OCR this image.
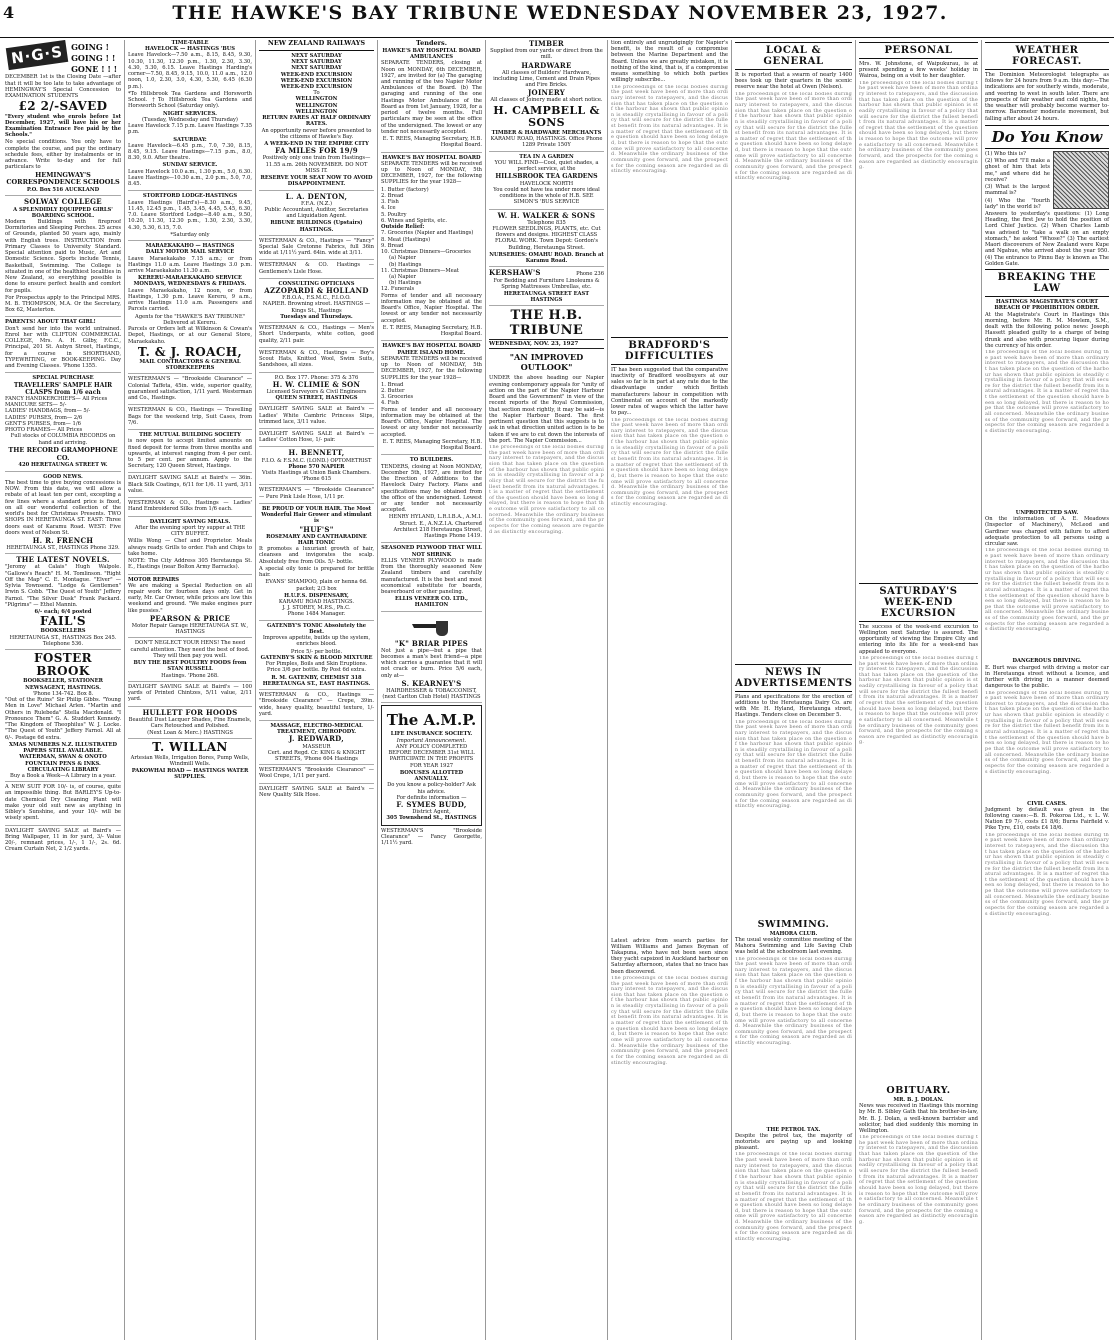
4	THE HAWKE'S BAY TRIBUNE WEDNESDAY NOVEMBER 23, 1927.
N·G·S GOING !
GOING ! !
GONE ! ! !
DECEMBER 1st is the Closing Date —after that it will be too late to take advantage of HEMINGWAY'S Special Concession to EXAMINATION STUDENTS
£2 2/-SAVED
"Every student who enrols before 1st December, 1927, will have his or her Examination Entrance Fee paid by the Schools."
No special conditions. You only have to complete the course, and pay the ordinary schedule fees, either by instalments or in advance. Write to-day and for full particulars to
HEMINGWAY'S CORRESPONDENCE SCHOOLS
P.O. Box 516 AUCKLAND
SOLWAY COLLEGE
A SPLENDIDLY EQUIPPED GIRLS' BOARDING SCHOOL.
Modern Buildings with fireproof Dormitories and Sleeping Porches. 25 acres of Grounds, planted 50 years ago, mainly with English trees. INSTRUCTION from Primary Classes to University Standard. Special attention paid to Music, Art and Domestic Science. Sports include Tennis, Basketball, Swimming. The College is situated in one of the healthiest localities in New Zealand, so everything possible is done to ensure perfect health and comfort for pupils.
For Prospectus apply to the Principal MRS. M. B. THOMPSON, M.A. Or the Secretary, Box 62, Masterton.
PARENTS! ABOUT THAT GIRL!
Don't send her into the world untrained. Enrol her with CLIFTON COMMERCIAL COLLEGE, Mrs. A. H. Gilby, F.C.C., Principal, 201 St. Aubyn Street, Hastings, for a course in SHORTHAND, TYPEWRITING, or BOOK-KEEPING. Day and Evening Classes. 'Phone 1355.
SPECIAL PURCHASE
TRAVELLERS' SAMPLE HAIR CLASPS from 1/6 each
FANCY HANDKERCHIEFS— All Prices
MANICURE SETS— 5/-
LADIES' HANDBAGS, from— 5/-
LADIES' PURSES, from— 2/6
GENT'S PURSES, from— 1/6
PHOTO FRAMES— All Prices
Full stocks of COLUMBIA RECORDS on hand and arriving.
THE RECORD GRAMOPHONE CO.
420 HERETAUNGA STREET W.
GOOD NEWS.
The best time to give buying concessions is NOW. From this date, we will allow a rebate of at least ten per cent, excepting a few lines where a standard price is fixed, on all our wonderful collection of the world's best for Christmas Presents. TWO SHOPS IN HERETAUNGA ST. EAST: Three doors east of Karamu Road. WEST: Five doors west of Nelson St.
H. R. FRENCH
HERETAUNGA ST., HASTINGS Phone 329.
THE LATEST NOVELS.
"Jeromy at Calais" Hugh Walpole. "Gallows's Reach" H. M. Tomlinson. "Right Off the Map" C. E. Montague. "Elver" — Sylvia Townsend. "Lodge & Gentlemen" Irwin S. Cobb. "The Quest of Youth" Jeffery Farnol. "The Silver Dusk" Frank Packard. "Pilgrims" — Ethel Mannin.
6/- each; 6/4 posted
FAIL'S
BOOKSELLERS
HERETAUNGA ST., HASTINGS Box 245. Telephone 536.
FOSTER BROOK
BOOKSELLER, STATIONER NEWSAGENT, HASTINGS.
'Phone 134-742. Box 8.
"Out of the Ruins" Sir Philip Gibbs. "Young Men in Love" Michael Arlen. "Martin and Others in Rulebeda" Stella Macdonald. "I Pronounce Them" G. A. Studdert Kennedy. "The Kingdom of Theophilus" W. J. Locke. "The Quest of Youth" Jeffery Farnol. All at 6/-. Postage 6d extra.
XMAS NUMBERS N.Z. ILLUSTRATED PAPERS STILL AVAILABLE.
WATERMAN, SWAN & ONOTO FOUNTAIN PENS & INKS.
CIRCULATING LIBRARY
Buy a Book a Week—A Library in a year.
A NEW SUIT FOR 10/- is, of course, quite an impossible thing. But BARLEY'S Up-to-date Chemical Dry Cleaning Plant will make your old suit new as anything in Sibley's Sunshine, and your 10/- will be wisely spent.
DAYLIGHT SAVING SALE at Baird's — Bring Wallpaper, 11 in for yard, 3/- Value 20/-, remnant prices, 1/-, 1 1/-, 2s. 6d. Cream Curtain Net, 2 1/2 yards.
TIME-TABLE
HAVELOCK — HASTINGS 'BUS
Leave Havelock—7.50 a.m., 8.15, 8.45, 9.30, 10.30, 11.30, 12.30 p.m., 1.30, 2.30, 3.30, 4.30, 5.30, 6.15. Leave Hastings Harding's corner—7.50, 8.45, 9.15, 10.0, 11.0 a.m., 12.0 noon, 1.0, 2.30, 3.0, 4.30, 5.30, 6.45 (6.30 p.m.).
*To Hillsbrook Tea Gardens and Horsworth School. †To Hillsbrook Tea Gardens and Horsworth School (Saturday only).
NIGHT SERVICES.
(Tuesday, Wednesday and Thursday)
Leave Havelock 7.15 p.m. Leave Hastings 7.35 p.m.
SATURDAY:
Leave Havelock—6.45 p.m., 7.0, 7.30, 8.15, 8.45, 9.15. Leave Hastings—7.15 p.m., 8.0, 8.30, 9.0. After theatre.
SUNDAY SERVICE.
Leave Havelock 10.0 a.m., 1.30 p.m., 5.0, 6.30. Leave Hastings—10.30 a.m., 2.0 p.m., 5.0, 7.0, 8.45.
STORTFORD LODGE-HASTINGS
Leave Hastings (Baird's)—8.30 a.m., 9.45, 11.45, 12.45 p.m., 1.45, 3.45, 4.45, 5.45, 6.30, 7.0. Leave Stortford Lodge—8.40 a.m., 9.50, 10.20, 11.30, 12.30 p.m., 1.30, 2.30, 3.30, 4.30, 5.30, 6.15, 7.0.
*Saturday only
MARAEKAKAHO — HASTINGS
DAILY MOTOR MAIL SERVICE
Leave Maraekakaho 7.15 a.m.; or from Hastings 11.0 a.m. Leave Hastings 3.0 p.m. arrive Maraekakaho 11.30 a.m.
KERERU-MARAEKAKAHO SERVICE
MONDAYS, WEDNESDAYS & FRIDAYS.
Leave Maraekakaho, 12 noon, or from Hastings, 1.30 p.m. Leave Kereru, 9 a.m., arrive Hastings 11.0 a.m. Passengers and Parcels carried.
Agents for the "HAWKE'S BAY TRIBUNE" Delivered at Kereru.
Parcels or Orders left at Wilkinson & Cowan's Depot, Hastings, or at our General Store, Maraekakaho.
T. & J. ROACH,
MAIL CONTRACTORS & GENERAL STOREKEEPERS
WESTERMAN'S — "Brookside Clearance" — Colonial Taffeta, 45in. wide, superior quality, guaranteed satisfaction, 1/11 yard. Westerman and Co., Hastings.
WESTERMAN & CO., Hastings — Travelling Bags for the weekend trip, Suit Cases, from 7/6.
THE MUTUAL BUILDING SOCIETY
is now open to accept limited amounts on fixed deposit for terms from three months and upwards, at interest ranging from 4 per cent. to 5 per cent. per annum. Apply to the Secretary, 120 Queen Street, Hastings.
DAYLIGHT SAVING SALE at Baird's — 36in. Black Silk Coatings, 6/11 for 1/6. 11 yard, 3/11 value.
WESTERMAN & CO., Hastings — Ladies' Hand Embroidered Silks from 1/6 each.
DAYLIGHT SAVING MEALS.
After the evening sport try supper at THE CITY BUFFET.
Willis Wong — Chef and Proprietor. Meals always ready. Grills to order. Fish and Chips to take home.
NOTE: The City Address 305 Heretaunga St. E., Hastings (near Bolton Army Barracks).
MOTOR REPAIRS
We are making a Special Reduction on all repair work for fourteen days only. Get in early, Mr. Car Owner, while prices are low this weekend and ground. "We make engines purr like pussies."
PEARSON & PRICE
Motor Repair Garage HERETAUNGA ST. W., HASTINGS
DON'T NEGLECT YOUR HENS! The need careful attention. They need the best of food. They will then pay you well.
BUY THE BEST POULTRY FOODS from STAN RUSSELL
Hastings. 'Phone 268.
DAYLIGHT SAVING SALE at Baird's — 100 yards of Printed Chintzes, 5/11 value, 2/11 yard.
HULLETT FOR HOODS
Beautiful Dust Lacquer Shades, Fine Enamels, Cars Retouched and Polished.
(Next Loan & Merc.) HASTINGS
T. WILLAN
Artesian Wells, Irrigation Bores, Pump Wells, Windmill Wells.
PAKOWHAI ROAD — HASTINGS WATER SUPPLIES.
NEW ZEALAND RAILWAYS
NEXT SATURDAY
NEXT SATURDAY
NEXT SATURDAY
WEEK-END EXCURSION
WEEK-END EXCURSION
WEEK-END EXCURSION
To
WELLINGTON
WELLINGTON
WELLINGTON
RETURN FARES AT HALF ORDINARY RATES.
An opportunity never before presented to the citizens of Hawke's Bay.
A WEEK-END IN THE EMPIRE CITY
FA MILES FOR 19/9
Positively only one train from Hastings—11.55 a.m. 26th NOVEMBER. DO NOT MISS IT.
RESERVE YOUR SEAT NOW TO AVOID DISAPPOINTMENT.
L. A. DENTON,
F.F.A. (N.Z.)
Public Accountant, Auditor, Secretaries and Liquidation Agent.
RIBUNE BUILDINGS (Upstairs) HASTINGS.
WESTERMAN & CO., Hastings — "Fancy" Special Sale Cretonne Fabrics, full 36in wide at 1/11½ yard. 64in. wide at 3/11.
WESTERMAN & CO. Hastings — Gentlemen's Lisle Hose.
CONSULTING OPTICIANS
AZZOPARDI & HOLLAND
F.B.O.A., F.S.M.C., F.I.O.O.
NAPIER. Browning street. HASTINGS — Kings St., Hastings
Tuesdays and Thursdays.
WESTERMAN & CO., Hastings — Men's Short Underpants, white cotton, good quality, 2/11 pair.
WESTERMAN & CO., Hastings — Boy's Scout Hats, Knitted Wool, Swim Suits, Sandshoes, all sizes.
P.O. Box 177. Phone: 375 & 376
H. W. CLIMIE & SON
Licensed Surveyors & Civil Engineers
QUEEN STREET, HASTINGS
DAYLIGHT SAVING SALE at Baird's — Ladies' White Cambric Princess Slips, trimmed lace, 3/11 value.
DAYLIGHT SAVING SALE at Baird's — Ladies' Cotton Hose, 1/- pair.
H. BENNETT,
F.I.O. & F.S.M.C. (LOND.) OPTOMETRIST
Phone 570 NAPIER
Visits Hastings at Union Bank Chambers. 'Phone 615
WESTERMAN'S — "Brookside Clearance" — Pure Pink Lisle Hose, 1/11 pr.
BE PROUD OF YOUR HAIR. The Most Wonderful Hair Grower and stimulant is
"HUF'S"
ROSEMARY AND CANTHARADINE HAIR TONIC
It promotes a luxuriant growth of hair, cleanses and invigorates the scalp. Absolutely free from Oils. 5/- bottle.
A special oily tonic is prepared for brittle hair.
EVANS' SHAMPOO, plain or henna 6d. packet; 2/3 box
H.U.F.S. DISPENSARY,
KARAMU ROAD HASTINGS.
J. J. STOREY, M.P.S., Ph.C.
Phone 1484 Manager.
GATENBY'S TONIC Absolutely the Best.
Improves appetite, builds up the system, enriches blood.
Price 5/- per bottle.
GATENBY'S SKIN & BLOOD MIXTURE
For Pimples, Boils and Skin Eruptions. Price 3/6 per bottle. By Post 6d extra.
R. M. GATENBY, CHEMIST 318 HERETAUNGA ST., EAST HASTINGS.
WESTERMAN & CO., Hastings — "Brookside Clearance" — Crepe, 39in. wide, heavy quality, beautiful texture, 1/- yard.
MASSAGE, ELECTRO-MEDICAL TREATMENT, CHIROPODY.
J. REDWARD,
MASSEUR
Cert. and Regd. Cr. KING & KNIGHT STREETS, 'Phone 604 Hastings
WESTERMAN'S "Brookside Clearance" — Wool Crepe, 1/11 per yard.
DAYLIGHT SAVING SALE at Baird's — New Quality Silk Hose.
Tenders.
HAWKE'S BAY HOSPITAL BOARD AMBULANCES
SEPARATE TENDERS, closing at Noon on MONDAY, 6th DECEMBER, 1927, are invited for (a) The garaging and running of the two Napier Motor Ambulances of the Board. (b) The garaging and running of the one Hastings Motor Ambulance of the Board as from 1st January, 1928, for a period of twelve months. Full particulars may be seen at the office of the undersigned. The lowest or any tender not necessarily accepted.
E. T. REES, Managing Secretary, H.B. Hospital Board.
HAWKE'S BAY HOSPITAL BOARD
SEPARATE TENDERS will be received up to Noon of MONDAY, 5th DECEMBER, 1927, for the following SUPPLIES for the year 1928—
1. Butter (factory)
2. Bread
3. Fish
4. Ice
5. Poultry
6. Wines and Spirits, etc.
Outside Relief:
7. Groceries (Napier and Hastings)
8. Meat (Hastings)
9. Bread
10. Christmas Dinners—Groceries
(a) Napier
(b) Hastings
11. Christmas Dinners—Meat
(a) Napier
(b) Hastings
12. Funerals
Forms of tender and all necessary information may be obtained at the Board's Office, Napier Hospital. The lowest or any tender not necessarily accepted.
E. T. REES, Managing Secretary, H.B. Hospital Board.
HAWKE'S BAY HOSPITAL BOARD PAHEE ISLAND HOME.
SEPARATE TENDERS will be received up to Noon of MONDAY, 5th DECEMBER, 1927, for the following SUPPLIES for the year 1928—
1. Bread
2. Butter
3. Groceries
4. Fish
Forms of tender and all necessary information may be obtained at the Board's Office, Napier Hospital. The lowest or any tender not necessarily accepted.
E. T. REES, Managing Secretary, H.B. Hospital Board.
TO BUILDERS.
TENDERS, closing at Noon MONDAY, December 5th, 1927, are invited for the Erection of Additions to the Havelock Dairy Factory. Plans and specifications may be obtained from the office of the undersigned. Lowest or any tender not necessarily accepted.
HENRY HYLAND, L.R.I.B.A., A.M.I. Struct. E., A.N.Z.I.A. Chartered Architect 218 Heretaunga Street, Hastings Phone 1419.
SEASONED PLYWOOD THAT WILL NOT SHRINK
ELLIS VENEER PLYWOOD is made from the thoroughly seasoned New Zealand timbers and carefully manufactured. It is the best and most economical substitute for boards, beaverboard or other paneling.
ELLIS VENEER CO. LTD., HAMILTON
"K" BRIAR PIPES
Not just a pipe—but a pipe that becomes a man's best friend—a pipe which carries a guarantee that it will not crack or burn. Price 5/6 each, only at—
S. KEARNEY'S
HAIRDRESSER & TOBACCONIST, (next Carlton Club Hotel) HASTINGS
The A.M.P.
LIFE INSURANCE SOCIETY.
Important Announcement.
ANY POLICY COMPLETED BEFORE DECEMBER 31st WILL PARTICIPATE IN THE PROFITS FOR YEAR 1927
BONUSES ALLOTTED ANNUALLY.
Do you know a policy-holder? Ask his advice.
For definite information —
F. SYMES BUDD,
District Agent,
305 Townshend St., HASTINGS
WESTERMAN'S "Brookside Clearance" — Fancy Georgette, 1/11½ yard.
TIMBER
Supplied from our yards or direct from the mill.
HARDWARE
All classes of Builders' Hardware, including Lime, Cement and Drain Pipes and Fire Bricks.
JOINERY
All classes of Joinery made at short notice.
H. CAMPBELL & SONS
TIMBER & HARDWARE MERCHANTS
KARAMU ROAD, HASTINGS. Office Phone 1289 Private 150Y
TEA IN A GARDEN
YOU WILL FIND—Cool, quiet shades, a perfect service, at the
HILLSBROOK TEA GARDENS
HAVELOCK NORTH
You could not have tea under more ideal conditions in the whole of H.B. SEE SIMON'S 'BUS SERVICE
W. H. WALKER & SONS
Telephone 835
FLOWER SEEDLINGS, PLANTS, etc. Cut flowers and designs. HIGHEST CLASS FLORAL WORK. Town Depot: Gordon's Building, Heretaunga Street.
NURSERIES: OMAHU ROAD. Branch at Karamu Road.
KERSHAW'S	Phone 236
For Bedding and Furniture Linoleums & Spring Mattresses Umbrellas, etc.
HERETAUNGA STREET EAST HASTINGS
THE H.B. TRIBUNE
WEDNESDAY, NOV. 23, 1927
"AN IMPROVED OUTLOOK"
UNDER the above heading our Napier evening contemporary appeals for "unity of action on the part of the Napier Harbour Board and the Government" in view of the recent reports of the Royal Commission, that section most rightly, it may be said—is the Napier Harbour Board. The first pertinent question that this suggests is to ask in what direction united action is to be taken if we are to cut down the interests of the port. The Napier Commission...
The proceedings of the local bodies during the past week have been of more than ordinary interest to ratepayers, and the discussion that has taken place on the question of the harbour has shown that public opinion is steadily crystallising in favour of a policy that will secure for the district the fullest benefit from its natural advantages. It is a matter of regret that the settlement of the question should have been so long delayed, but there is reason to hope that the outcome will prove satisfactory to all concerned. Meanwhile the ordinary business of the community goes forward, and the prospects for the coming season are regarded as distinctly encouraging.
tion entirely and ungrudgingly for Napier's benefit, is the result of a compromise between the Marine Department and the Board. Unless we are greatly mistaken, it is nothing of the kind, that is, if a compromise means something to which both parties willingly subscribe...
The proceedings of the local bodies during the past week have been of more than ordinary interest to ratepayers, and the discussion that has taken place on the question of the harbour has shown that public opinion is steadily crystallising in favour of a policy that will secure for the district the fullest benefit from its natural advantages. It is a matter of regret that the settlement of the question should have been so long delayed, but there is reason to hope that the outcome will prove satisfactory to all concerned. Meanwhile the ordinary business of the community goes forward, and the prospects for the coming season are regarded as distinctly encouraging.
BRADFORD'S DIFFICULTIES
IT has been suggested that the comparative inactivity of Bradford woolbuyers at our sales so far is in part at any rate due to the disadvantage under which British manufacturers labour in competition with Continental on account of the markedly lower rates of wages which the latter have to pay...
The proceedings of the local bodies during the past week have been of more than ordinary interest to ratepayers, and the discussion that has taken place on the question of the harbour has shown that public opinion is steadily crystallising in favour of a policy that will secure for the district the fullest benefit from its natural advantages. It is a matter of regret that the settlement of the question should have been so long delayed, but there is reason to hope that the outcome will prove satisfactory to all concerned. Meanwhile the ordinary business of the community goes forward, and the prospects for the coming season are regarded as distinctly encouraging.
Latest advice from search parties for William Williams and James Boyman of Takapuna, who have not been seen since they yacht capsized in Auckland harbour on Saturday afternoon, states that no trace has been discovered.
The proceedings of the local bodies during the past week have been of more than ordinary interest to ratepayers, and the discussion that has taken place on the question of the harbour has shown that public opinion is steadily crystallising in favour of a policy that will secure for the district the fullest benefit from its natural advantages. It is a matter of regret that the settlement of the question should have been so long delayed, but there is reason to hope that the outcome will prove satisfactory to all concerned. Meanwhile the ordinary business of the community goes forward, and the prospects for the coming season are regarded as distinctly encouraging.
LOCAL & GENERAL
It is reported that a swarm of nearly 1400 bees took up their quarters in the scenic reserve near the hotel at Owen (Nelson).
The proceedings of the local bodies during the past week have been of more than ordinary interest to ratepayers, and the discussion that has taken place on the question of the harbour has shown that public opinion is steadily crystallising in favour of a policy that will secure for the district the fullest benefit from its natural advantages. It is a matter of regret that the settlement of the question should have been so long delayed, but there is reason to hope that the outcome will prove satisfactory to all concerned. Meanwhile the ordinary business of the community goes forward, and the prospects for the coming season are regarded as distinctly encouraging.
NEWS IN ADVERTISEMENTS
Plans and specifications for the erection of additions to the Heretaunga Dairy Co. are with Mr. H. Hyland, Heretaunga street, Hastings. Tenders close on December 5.
The proceedings of the local bodies during the past week have been of more than ordinary interest to ratepayers, and the discussion that has taken place on the question of the harbour has shown that public opinion is steadily crystallising in favour of a policy that will secure for the district the fullest benefit from its natural advantages. It is a matter of regret that the settlement of the question should have been so long delayed, but there is reason to hope that the outcome will prove satisfactory to all concerned. Meanwhile the ordinary business of the community goes forward, and the prospects for the coming season are regarded as distinctly encouraging.
SWIMMING.
MAHORA CLUB.
The usual weekly committee meeting of the Mahora Swimming and Life Saving Club was held at the schoolroom last evening.
The proceedings of the local bodies during the past week have been of more than ordinary interest to ratepayers, and the discussion that has taken place on the question of the harbour has shown that public opinion is steadily crystallising in favour of a policy that will secure for the district the fullest benefit from its natural advantages. It is a matter of regret that the settlement of the question should have been so long delayed, but there is reason to hope that the outcome will prove satisfactory to all concerned. Meanwhile the ordinary business of the community goes forward, and the prospects for the coming season are regarded as distinctly encouraging.
THE PETROL TAX.
Despite the petrol tax, the majority of motorists are paying up and looking pleasant.
The proceedings of the local bodies during the past week have been of more than ordinary interest to ratepayers, and the discussion that has taken place on the question of the harbour has shown that public opinion is steadily crystallising in favour of a policy that will secure for the district the fullest benefit from its natural advantages. It is a matter of regret that the settlement of the question should have been so long delayed, but there is reason to hope that the outcome will prove satisfactory to all concerned. Meanwhile the ordinary business of the community goes forward, and the prospects for the coming season are regarded as distinctly encouraging.
PERSONAL
Mrs. W. Johnstone, of Waipukurau, is at present spending a few weeks' holiday in Wairoa, being on a visit to her daughter.
The proceedings of the local bodies during the past week have been of more than ordinary interest to ratepayers, and the discussion that has taken place on the question of the harbour has shown that public opinion is steadily crystallising in favour of a policy that will secure for the district the fullest benefit from its natural advantages. It is a matter of regret that the settlement of the question should have been so long delayed, but there is reason to hope that the outcome will prove satisfactory to all concerned. Meanwhile the ordinary business of the community goes forward, and the prospects for the coming season are regarded as distinctly encouraging.
SATURDAY'S WEEK-END EXCURSION
The success of the week-end excursion to Wellington next Saturday is assured. The opportunity of viewing the Empire City and entering into its life for a week-end has appealed to everyone.
The proceedings of the local bodies during the past week have been of more than ordinary interest to ratepayers, and the discussion that has taken place on the question of the harbour has shown that public opinion is steadily crystallising in favour of a policy that will secure for the district the fullest benefit from its natural advantages. It is a matter of regret that the settlement of the question should have been so long delayed, but there is reason to hope that the outcome will prove satisfactory to all concerned. Meanwhile the ordinary business of the community goes forward, and the prospects for the coming season are regarded as distinctly encouraging.
OBITUARY.
MR. B. J. DOLAN.
News was received in Hastings this morning by Mr. B. Sibley Gath that his brother-in-law, Mr. B. J. Dolan, a well-known barrister and solicitor, had died suddenly this morning in Wellington.
The proceedings of the local bodies during the past week have been of more than ordinary interest to ratepayers, and the discussion that has taken place on the question of the harbour has shown that public opinion is steadily crystallising in favour of a policy that will secure for the district the fullest benefit from its natural advantages. It is a matter of regret that the settlement of the question should have been so long delayed, but there is reason to hope that the outcome will prove satisfactory to all concerned. Meanwhile the ordinary business of the community goes forward, and the prospects for the coming season are regarded as distinctly encouraging.
WEATHER FORECAST.
The Dominion Meteorologist telegraphs as follows for 24 hours from 9 a.m. this day:—The indications are for southerly winds, moderate, and veering to west in south later. There are prospects of fair weather and cold nights, but the weather will probably become warmer to-morrow. Barometer moderate movement, but falling after about 24 hours.
Do You Know
(1) Who this is?
(2) Who and "I'll make a ghost of him that lets me," and where did he receive?
(3) What is the largest mammal is?
(4) Who the "fourth lady" in the world is?
Answers to yesterday's questions: (1) Long Heading, the first Jew to hold the position of Lord Chief Justice. (2) When Charles Lamb was advised to "take a walk on an empty stomach," he asked "Whose?" (3) The earliest Maori discoverers of New Zealand were Kupe and Ngahue, who arrived about the year 950. (4) The entrance to Pinnu Bay is known as The Golden Gate.
BREAKING THE LAW
HASTINGS MAGISTRATE'S COURT
BREACH OF PROHIBITION ORDER.
At the Magistrate's Court in Hastings this morning, before Mr. R. M. Mowlem, S.M., dealt with the following police news: Joseph Hassett pleaded guilty to a charge of being drunk and also with procuring liquor during the currency of his order.
The proceedings of the local bodies during the past week have been of more than ordinary interest to ratepayers, and the discussion that has taken place on the question of the harbour has shown that public opinion is steadily crystallising in favour of a policy that will secure for the district the fullest benefit from its natural advantages. It is a matter of regret that the settlement of the question should have been so long delayed, but there is reason to hope that the outcome will prove satisfactory to all concerned. Meanwhile the ordinary business of the community goes forward, and the prospects for the coming season are regarded as distinctly encouraging.
UNPROTECTED SAW.
On the information of A. E. Meadows (Inspector of Machinery), McLeod and Gardiner was charged with failure to afford adequate protection to all persons using a circular saw.
The proceedings of the local bodies during the past week have been of more than ordinary interest to ratepayers, and the discussion that has taken place on the question of the harbour has shown that public opinion is steadily crystallising in favour of a policy that will secure for the district the fullest benefit from its natural advantages. It is a matter of regret that the settlement of the question should have been so long delayed, but there is reason to hope that the outcome will prove satisfactory to all concerned. Meanwhile the ordinary business of the community goes forward, and the prospects for the coming season are regarded as distinctly encouraging.
DANGEROUS DRIVING.
E. Burt was charged with driving a motor car in Heretaunga street without a licence, and further with driving in a manner deemed dangerous to the public.
The proceedings of the local bodies during the past week have been of more than ordinary interest to ratepayers, and the discussion that has taken place on the question of the harbour has shown that public opinion is steadily crystallising in favour of a policy that will secure for the district the fullest benefit from its natural advantages. It is a matter of regret that the settlement of the question should have been so long delayed, but there is reason to hope that the outcome will prove satisfactory to all concerned. Meanwhile the ordinary business of the community goes forward, and the prospects for the coming season are regarded as distinctly encouraging.
CIVIL CASES.
Judgment by default was given in the following cases:—B. B. Pokoroa Ltd., v. L. W. Nation £9 7/-, costs £1 8/6; Burns Fairfield v. Pike Tyre, £10, costs £4 18/6.
The proceedings of the local bodies during the past week have been of more than ordinary interest to ratepayers, and the discussion that has taken place on the question of the harbour has shown that public opinion is steadily crystallising in favour of a policy that will secure for the district the fullest benefit from its natural advantages. It is a matter of regret that the settlement of the question should have been so long delayed, but there is reason to hope that the outcome will prove satisfactory to all concerned. Meanwhile the ordinary business of the community goes forward, and the prospects for the coming season are regarded as distinctly encouraging.
